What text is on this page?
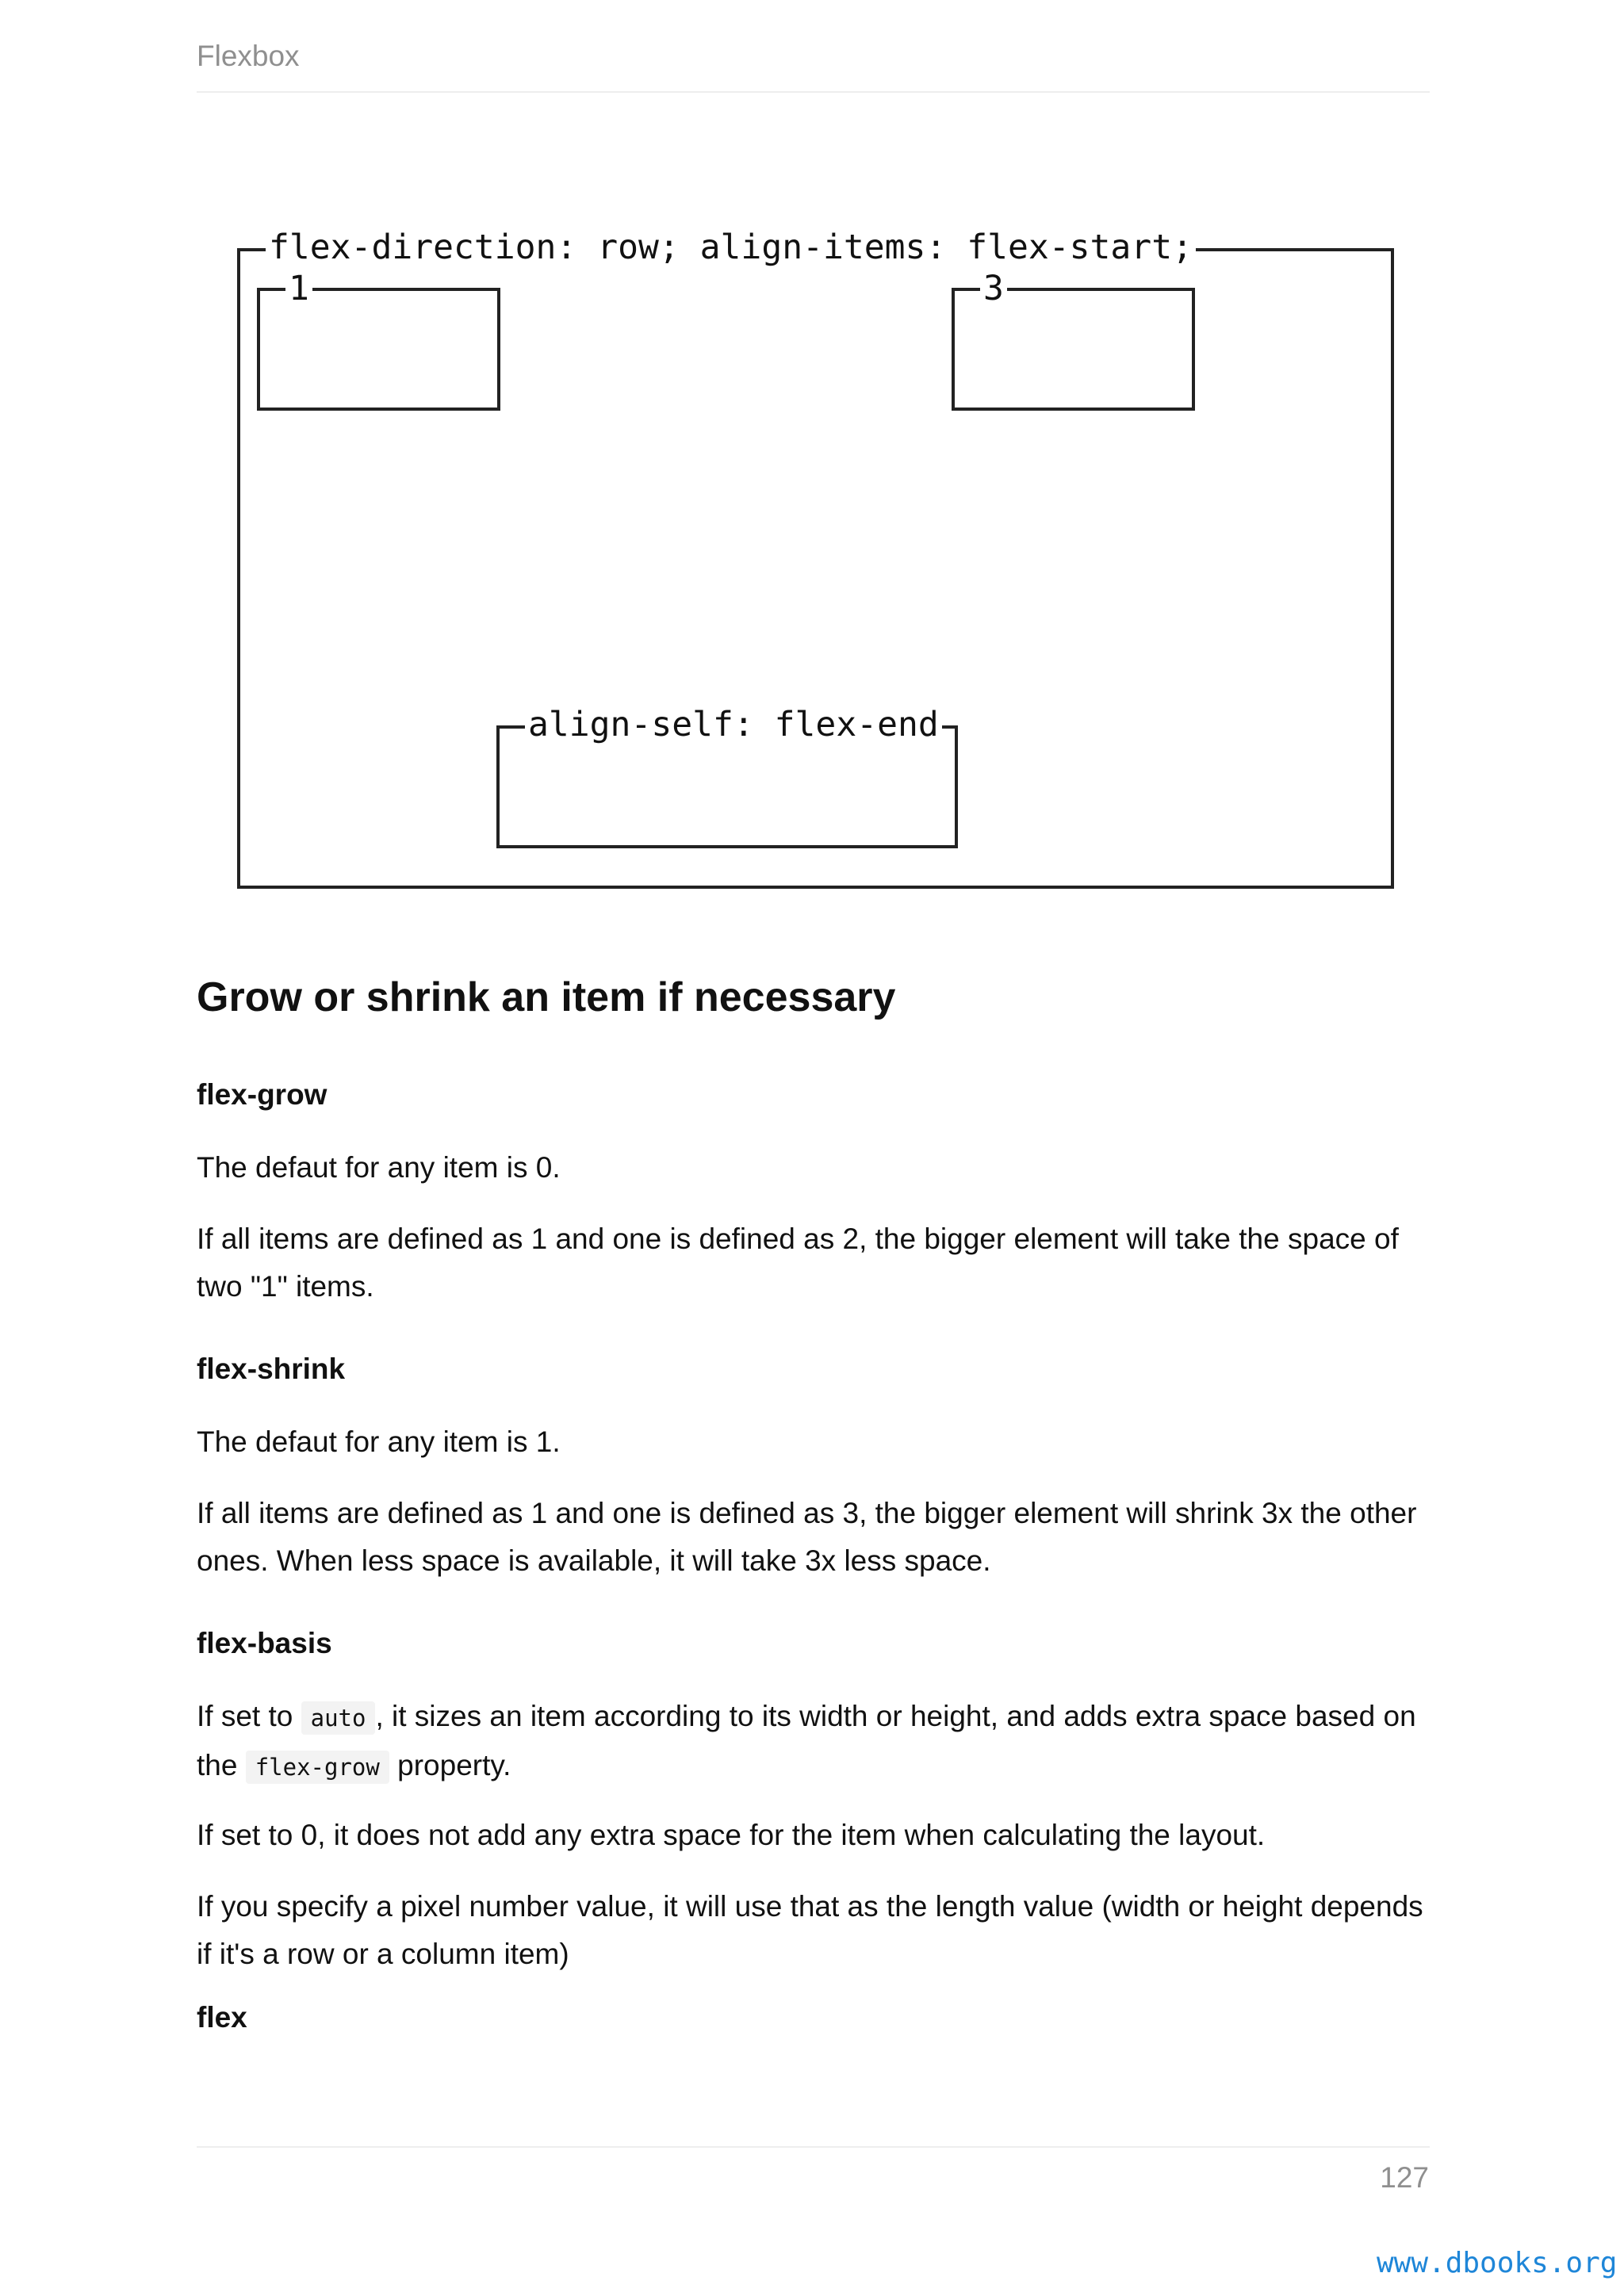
Flexbox
flex-direction: row; align-items: flex-start;
1	3
align-self: flex-end
Grow or shrink an item if necessary
flex-grow

The defaut for any item is 0.

If all items are defined as 1 and one is defined as 2, the bigger element will take the space of
two "1" items.

flex-shrink

The defaut for any item is 1.

If all items are defined as 1 and one is defined as 3, the bigger element will shrink 3x the other
ones. When less space is available, it will take 3x less space.

flex-basis

If set to auto , it sizes an item according to its width or height, and adds extra space based on
the flex-grow property.

If set to 0, it does not add any extra space for the item when calculating the layout.

If you specify a pixel number value, it will use that as the length value (width or height depends
if it's a row or a column item)

flex
127
www.dbooks.org
